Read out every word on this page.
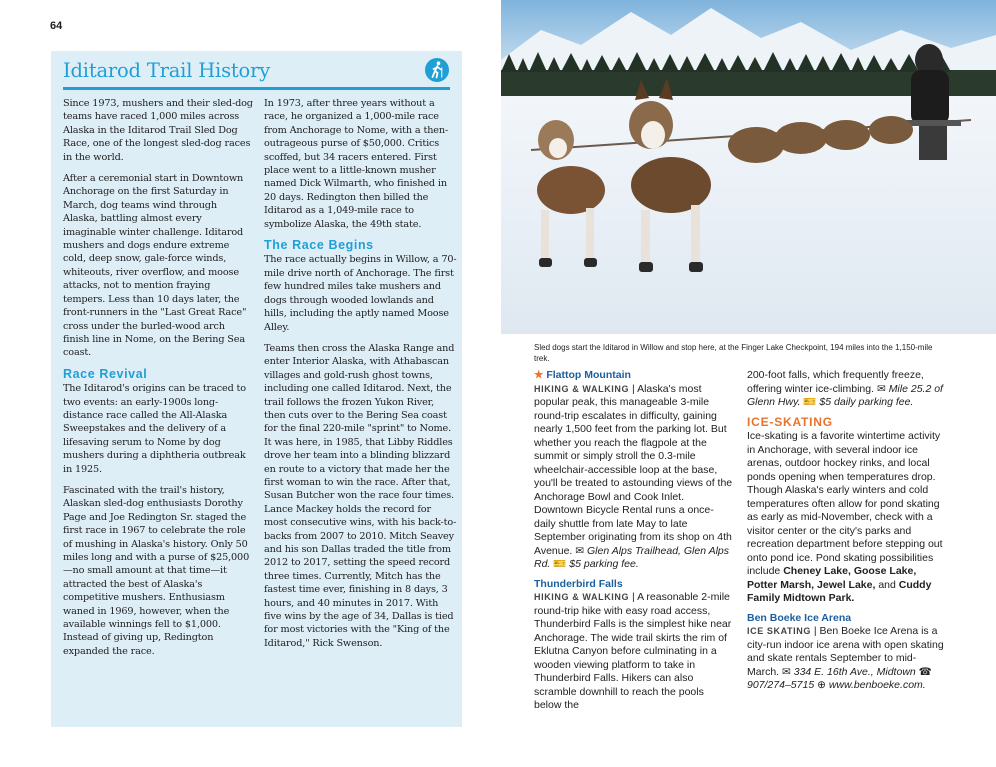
64
Iditarod Trail History

Since 1973, mushers and their sled-dog teams have raced 1,000 miles across Alaska in the Iditarod Trail Sled Dog Race, one of the longest sled-dog races in the world.

After a ceremonial start in Downtown Anchorage on the first Saturday in March, dog teams wind through Alaska, battling almost every imaginable winter challenge. Iditarod mushers and dogs endure extreme cold, deep snow, gale-force winds, whiteouts, river overflow, and moose attacks, not to mention fraying tempers. Less than 10 days later, the front-runners in the "Last Great Race" cross under the burled-wood arch finish line in Nome, on the Bering Sea coast.

Race Revival

The Iditarod's origins can be traced to two events: an early-1900s long-distance race called the All-Alaska Sweepstakes and the delivery of a lifesaving serum to Nome by dog mushers during a diphtheria outbreak in 1925.

Fascinated with the trail's history, Alaskan sled-dog enthusiasts Dorothy Page and Joe Redington Sr. staged the first race in 1967 to celebrate the role of mushing in Alaska's history. Only 50 miles long and with a purse of $25,000—no small amount at that time—it attracted the best of Alaska's competitive mushers. Enthusiasm waned in 1969, however, when the available winnings fell to $1,000. Instead of giving up, Redington expanded the race.

In 1973, after three years without a race, he organized a 1,000-mile race from Anchorage to Nome, with a then-outrageous purse of $50,000. Critics scoffed, but 34 racers entered. First place went to a little-known musher named Dick Wilmarth, who finished in 20 days. Redington then billed the Iditarod as a 1,049-mile race to symbolize Alaska, the 49th state.

The Race Begins

The race actually begins in Willow, a 70-mile drive north of Anchorage. The first few hundred miles take mushers and dogs through wooded lowlands and hills, including the aptly named Moose Alley.

Teams then cross the Alaska Range and enter Interior Alaska, with Athabascan villages and gold-rush ghost towns, including one called Iditarod. Next, the trail follows the frozen Yukon River, then cuts over to the Bering Sea coast for the final 220-mile "sprint" to Nome. It was here, in 1985, that Libby Riddles drove her team into a blinding blizzard en route to a victory that made her the first woman to win the race. After that, Susan Butcher won the race four times. Lance Mackey holds the record for most consecutive wins, with his back-to-backs from 2007 to 2010. Mitch Seavey and his son Dallas traded the title from 2012 to 2017, setting the speed record three times. Currently, Mitch has the fastest time ever, finishing in 8 days, 3 hours, and 40 minutes in 2017. With five wins by the age of 34, Dallas is tied for most victories with the "King of the Iditarod," Rick Swenson.

Sled dogs start the Iditarod in Willow and stop here, at the Finger Lake Checkpoint, 194 miles into the 1,150-mile trek.

★ Flattop Mountain
HIKING & WALKING | Alaska's most popular peak, this manageable 3-mile round-trip escalates in difficulty, gaining nearly 1,500 feet from the parking lot. But whether you reach the flagpole at the summit or simply stroll the 0.3-mile wheelchair-accessible loop at the base, you'll be treated to astounding views of the Anchorage Bowl and Cook Inlet. Downtown Bicycle Rental runs a once-daily shuttle from late May to late September originating from its shop on 4th Avenue. ✉ Glen Alps Trailhead, Glen Alps Rd. 🎫 $5 parking fee.

Thunderbird Falls
HIKING & WALKING | A reasonable 2-mile round-trip hike with easy road access, Thunderbird Falls is the simplest hike near Anchorage. The wide trail skirts the rim of Eklutna Canyon before culminating in a wooden viewing platform to take in Thunderbird Falls. Hikers can also scramble downhill to reach the pools below the

200-foot falls, which frequently freeze, offering winter ice-climbing. ✉ Mile 25.2 of Glenn Hwy. 🎫 $5 daily parking fee.

ICE-SKATING

Ice-skating is a favorite wintertime activity in Anchorage, with several indoor ice arenas, outdoor hockey rinks, and local ponds opening when temperatures drop. Though Alaska's early winters and cold temperatures often allow for pond skating as early as mid-November, check with a visitor center or the city's parks and recreation department before stepping out onto pond ice. Pond skating possibilities include Cheney Lake, Goose Lake, Potter Marsh, Jewel Lake, and Cuddy Family Midtown Park.

Ben Boeke Ice Arena
ICE SKATING | Ben Boeke Ice Arena is a city-run indoor ice arena with open skating and skate rentals September to mid-March. ✉ 334 E. 16th Ave., Midtown ☎ 907/274–5715 ⊕ www.benboeke.com.
